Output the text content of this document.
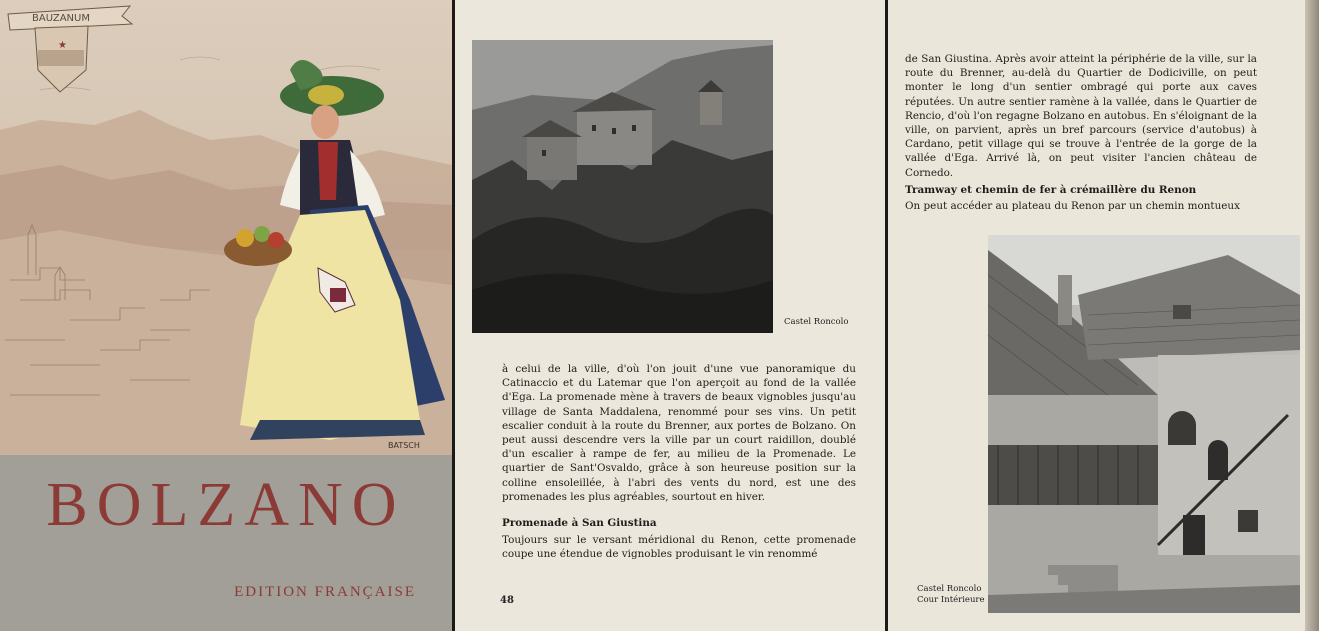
★
BAUZANUM
BATSCH
BOLZANO
EDITION FRANÇAISE
Castel Roncolo
à celui de la ville, d'où l'on jouit d'une vue panoramique du Catinaccio et du Latemar que l'on aperçoit au fond de la vallée d'Ega. La promenade mène à travers de beaux vignobles jusqu'au village de Santa Maddalena, renommé pour ses vins. Un petit escalier conduit à la route du Brenner, aux portes de Bolzano. On peut aussi descendre vers la ville par un court raidillon, doublé d'un escalier à rampe de fer, au milieu de la Promenade. Le quartier de Sant'Osvaldo, grâce à son heureuse position sur la colline ensoleillée, à l'abri des vents du nord, est une des promenades les plus agréables, sourtout en hiver.
Promenade à San Giustina
Toujours sur le versant méridional du Renon, cette promenade coupe une étendue de vignobles produisant le vin renommé
48
de San Giustina. Après avoir atteint la périphérie de la ville, sur la route du Brenner, au-delà du Quartier de Dodiciville, on peut monter le long d'un sentier ombragé qui porte aux caves réputées. Un autre sentier ramène à la vallée, dans le Quartier de Rencio, d'où l'on regagne Bolzano en autobus. En s'éloignant de la ville, on parvient, après un bref parcours (service d'autobus) à Cardano, petit village qui se trouve à l'entrée de la gorge de la vallée d'Ega. Arrivé là, on peut visiter l'ancien château de Cornedo.
Tramway et chemin de fer à crémaillère du Renon
On peut accéder au plateau du Renon par un chemin montueux
Castel Roncolo
Cour Intérieure
